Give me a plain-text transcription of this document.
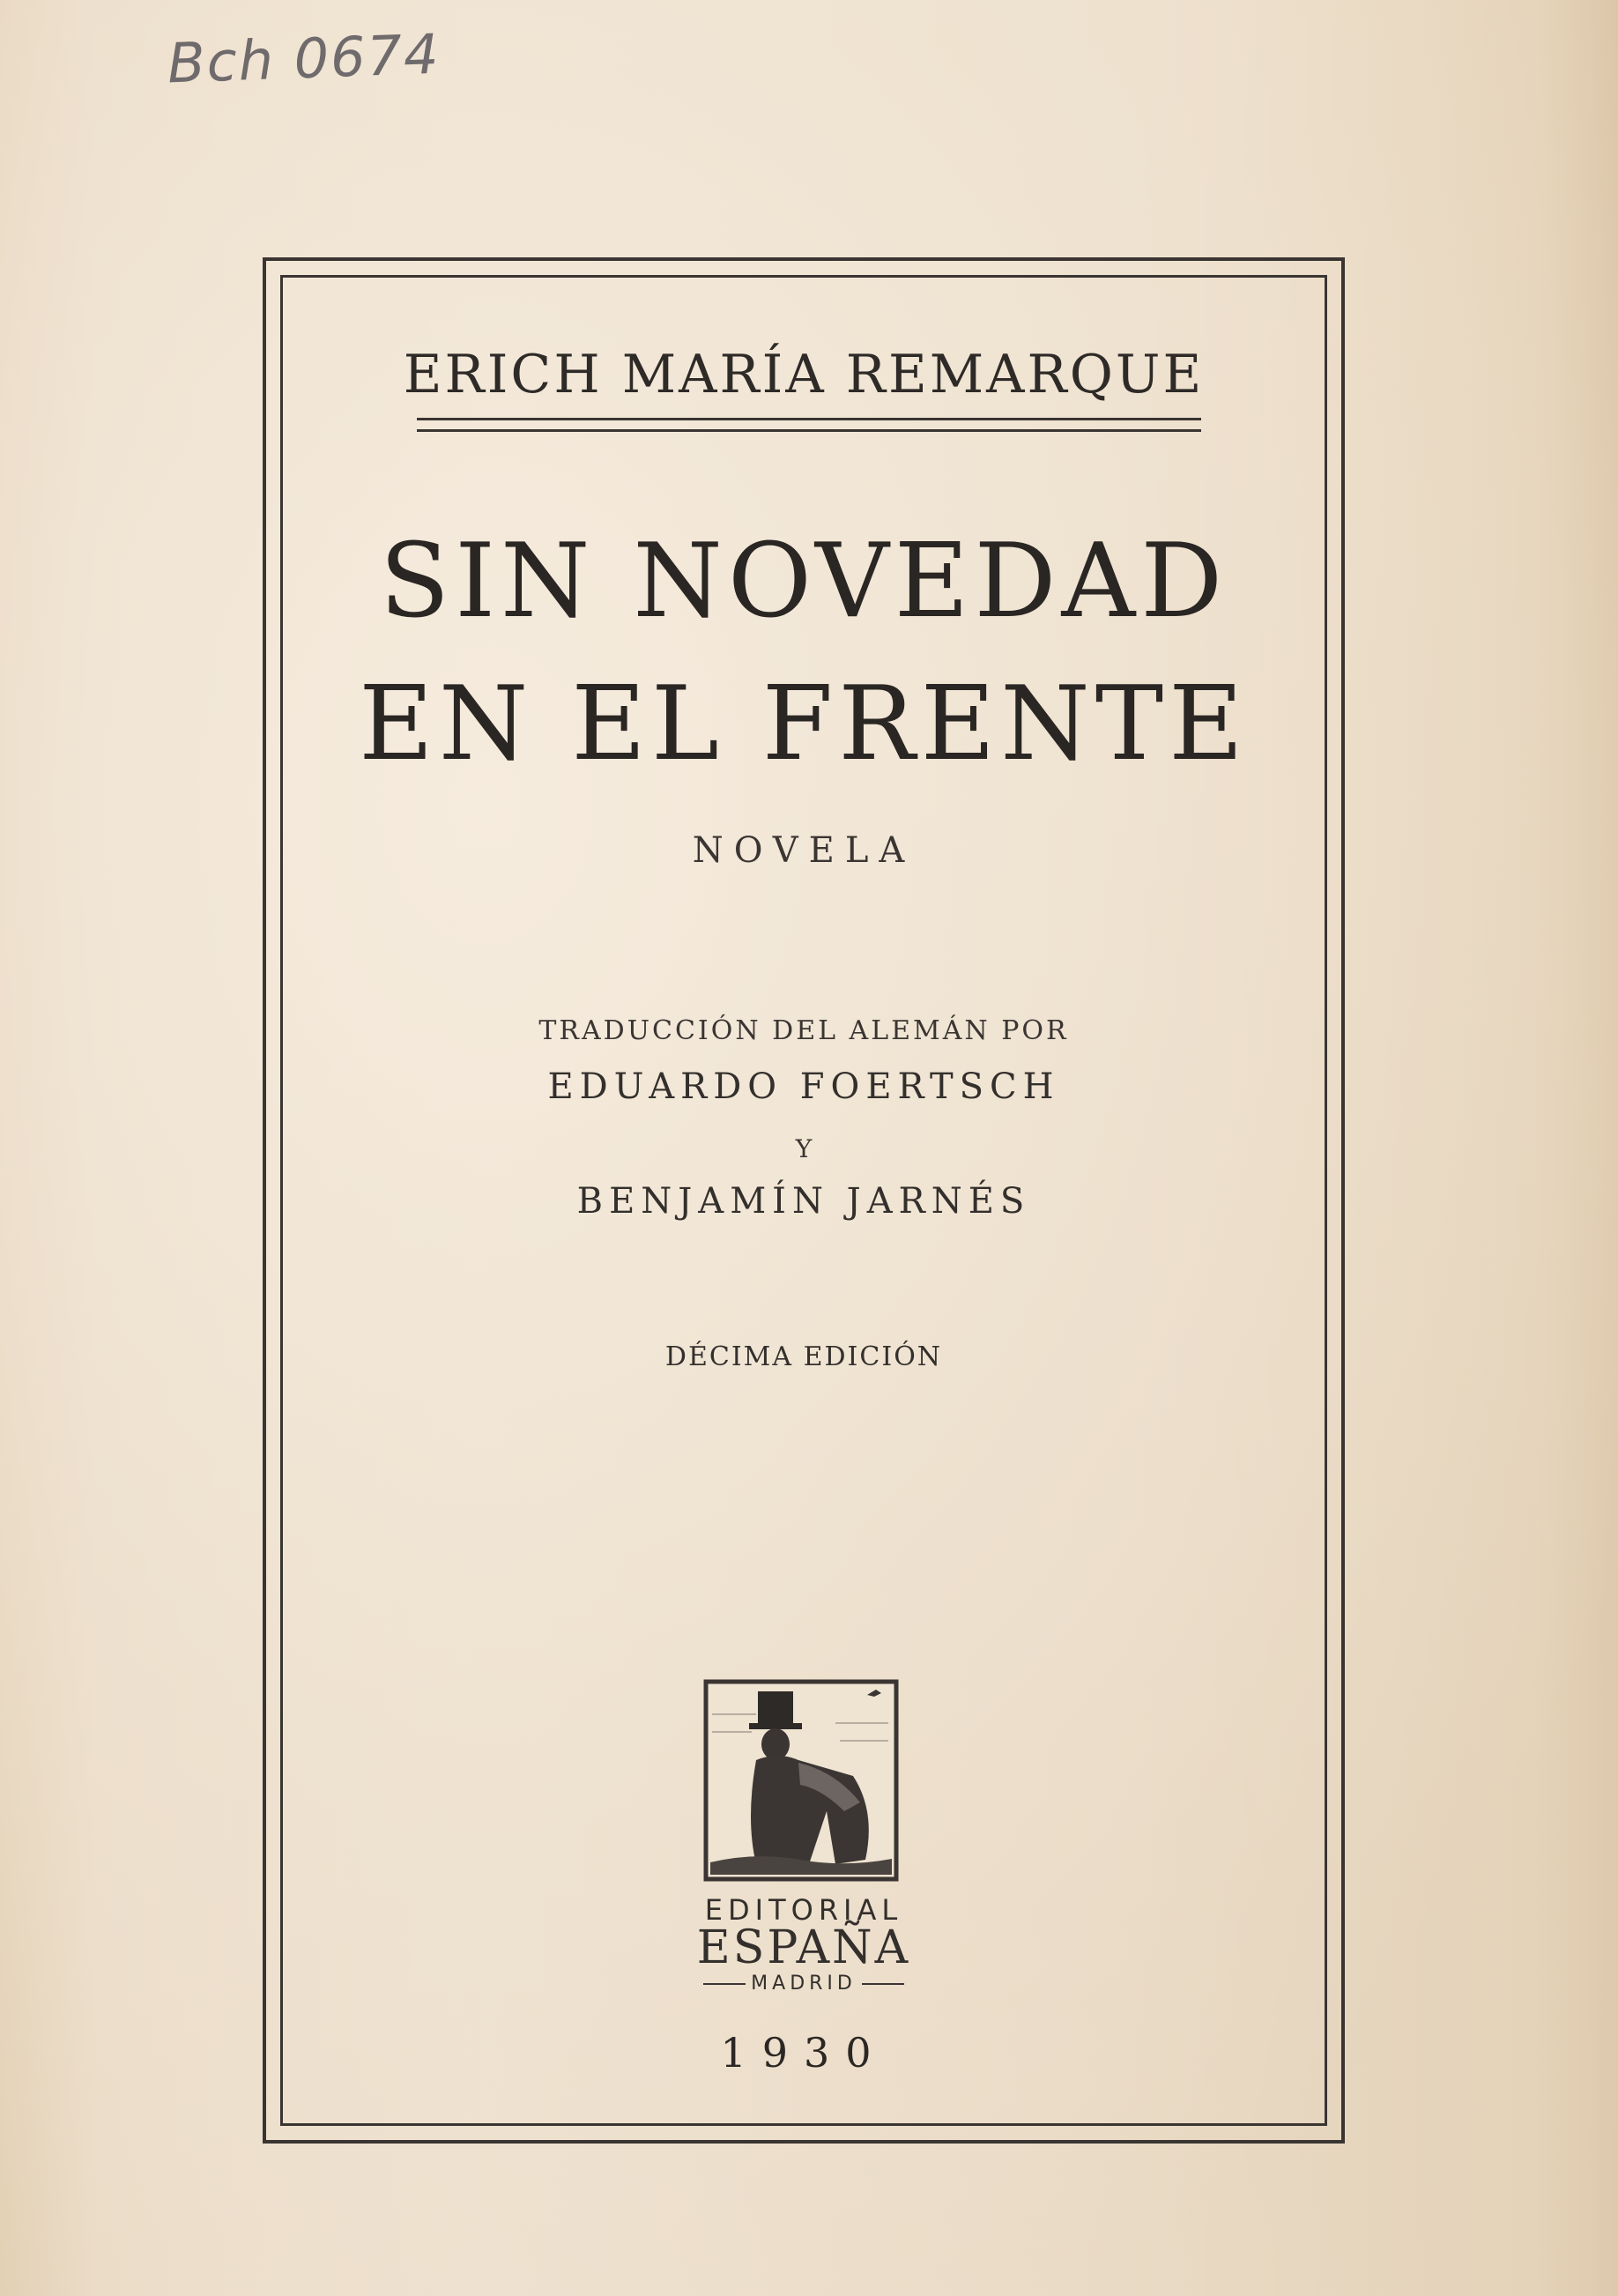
Bch 0674

ERICH MARÍA REMARQUE
SIN NOVEDAD
EN EL FRENTE

NOVELA

TRADUCCIÓN DEL ALEMÁN POR

EDUARDO FOERTSCH

Y

BENJAMÍN JARNÉS

DÉCIMA EDICIÓN

EDITORIAL

ESPAÑA

MADRID

1930
